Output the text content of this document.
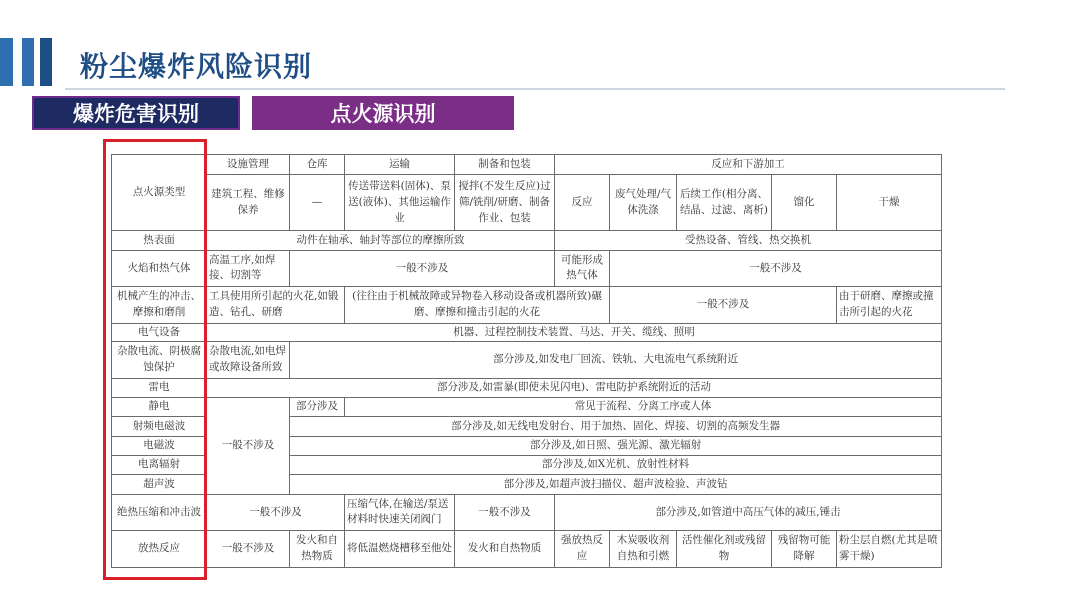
粉尘爆炸风险识别
爆炸危害识别	点火源识别
点火源类型	设施管理	仓库	运输	制备和包装	反应和下游加工				
	建筑工程、维修保养	—	传送带送料(固体)、泵送(液体)、其他运输作业	搅拌(不发生反应)过筛/铣削/研磨、制备作业、包装	反应	废气处理/气体洗涤	后续工作(相分离、结晶、过滤、离析)	馏化	干燥
热表面	动件在轴承、轴封等部位的摩擦所致				受热设备、管线、热交换机				
火焰和热气体	高温工序,如焊接、切割等	一般不涉及			可能形成热气体	一般不涉及			
机械产生的冲击、摩擦和磨削	工具使用所引起的火花,如锻造、钻孔、研磨		(往往由于机械故障或异物卷入移动设备或机器所致)碾磨、摩擦和撞击引起的火花			一般不涉及			由于研磨、摩擦或撞击所引起的火花
电气设备	机器、过程控制技术装置、马达、开关、缆线、照明								
杂散电流、阴极腐蚀保护	杂散电流,如电焊或故障设备所致	部分涉及,如发电厂回流、铁轨、大电流电气系统附近							
雷电	部分涉及,如雷暴(即使未见闪电)、雷电防护系统附近的活动								
静电	一般不涉及	部分涉及	常见于流程、分离工序或人体						
射频电磁波		部分涉及,如无线电发射台、用于加热、固化、焊接、切割的高频发生器							
电磁波		部分涉及,如日照、强光源、激光辐射							
电离辐射		部分涉及,如X光机、放射性材料							
超声波		部分涉及,如超声波扫描仪、超声波检验、声波钻							
绝热压缩和冲击波	一般不涉及		压缩气体,在输送/泵送材料时快速关闭阀门	一般不涉及	部分涉及,如管道中高压气体的减压,锤击				
放热反应	一般不涉及	发火和自热物质	将低温燃烧槽移至他处	发火和自热物质	强放热反应	木炭吸收剂自热和引燃	活性催化剂或残留物	残留物可能降解	粉尘层自燃(尤其是喷雾干燥)
